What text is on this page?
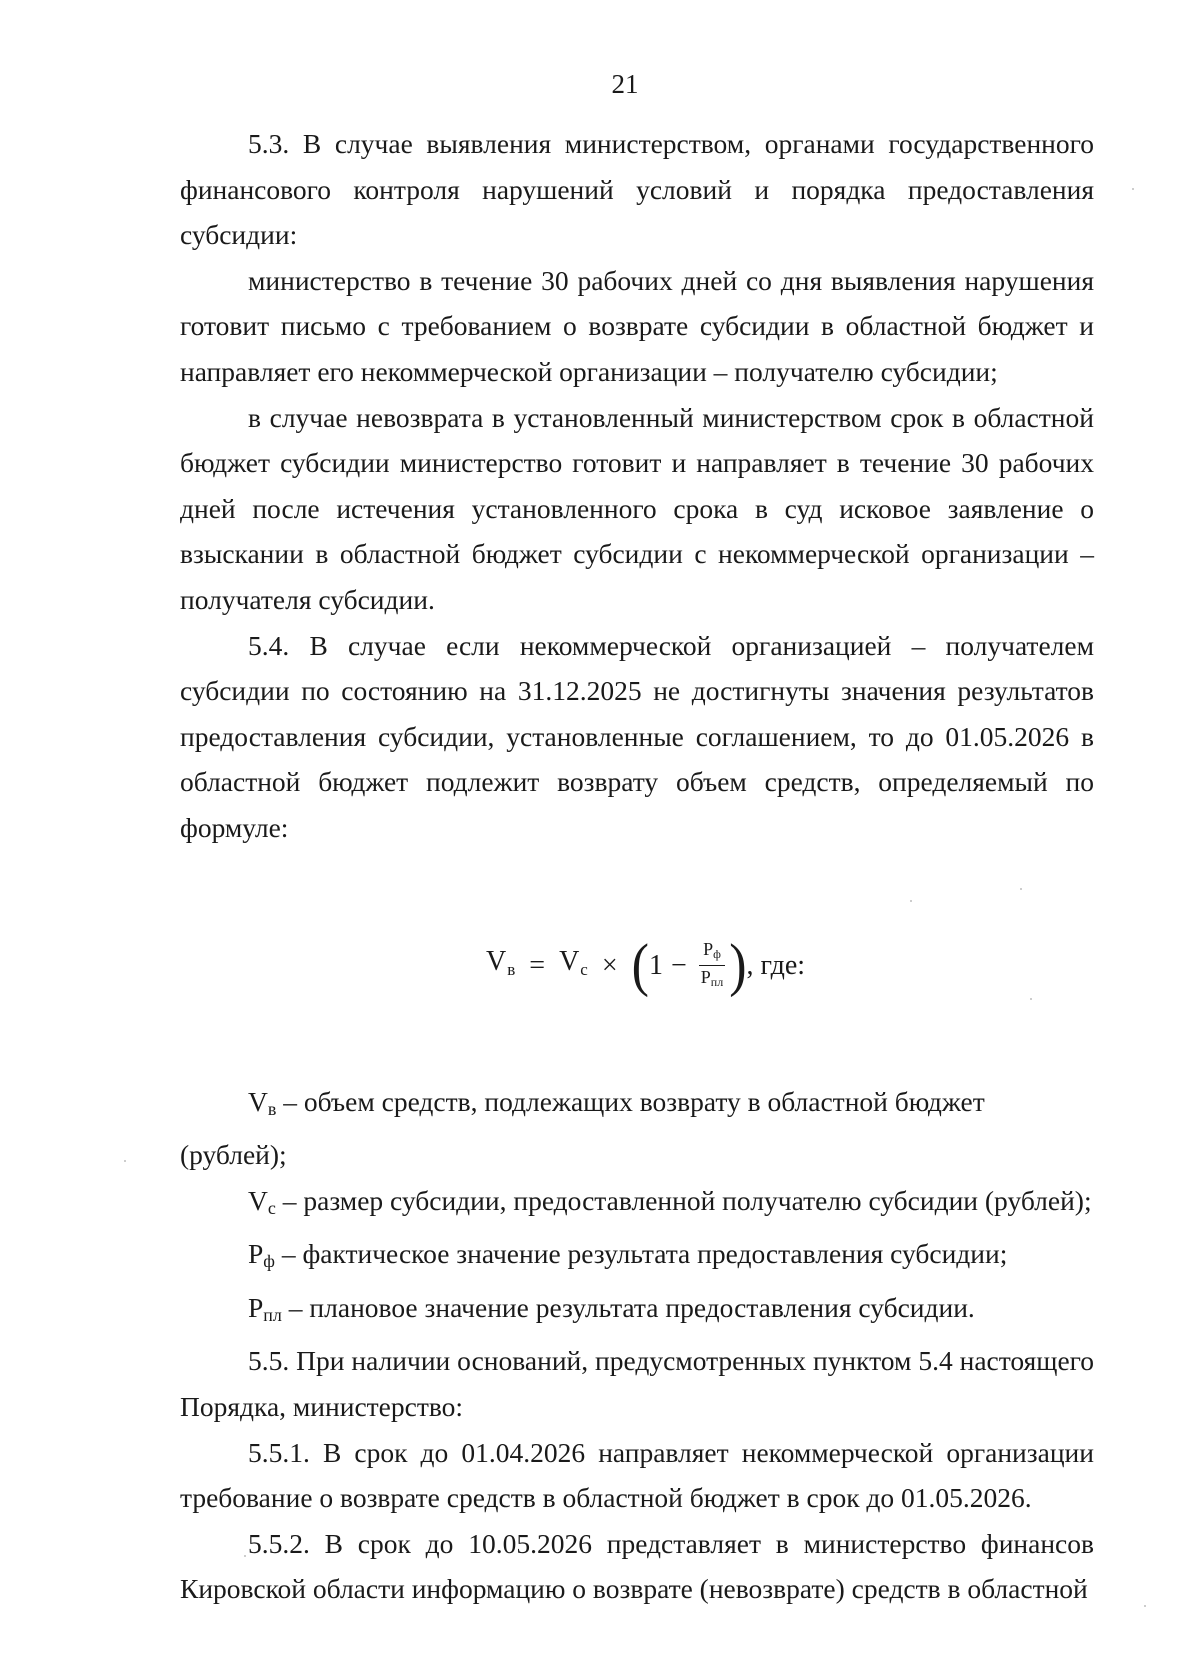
21

5.3. В случае выявления министерством, органами государственного финансового контроля нарушений условий и порядка предоставления субсидии:

министерство в течение 30 рабочих дней со дня выявления нарушения готовит письмо с требованием о возврате субсидии в областной бюджет и направляет его некоммерческой организации – получателю субсидии;

в случае невозврата в установленный министерством срок в областной бюджет субсидии министерство готовит и направляет в течение 30 рабочих дней после истечения установленного срока в суд исковое заявление о взыскании в областной бюджет субсидии с некоммерческой организации – получателя субсидии.

5.4. В случае если некоммерческой организацией – получателем субсидии по состоянию на 31.12.2025 не достигнуты значения результатов предоставления субсидии, установленные соглашением, то до 01.05.2026 в областной бюджет подлежит возврату объем средств, определяемый по формуле:

$V_в = V_с$ × ( $1 - \frac{Pф}{\text{Pпл}}$ ) , где:

Vв – объем средств, подлежащих возврату в областной бюджет (рублей);

Vс – размер субсидии, предоставленной получателю субсидии (рублей);

Pф – фактическое значение результата предоставления субсидии;

Pпл – плановое значение результата предоставления субсидии.

5.5. При наличии оснований, предусмотренных пунктом 5.4 настоящего Порядка, министерство:

5.5.1. В срок до 01.04.2026 направляет некоммерческой организации требование о возврате средств в областной бюджет в срок до 01.05.2026.

5.5.2. В срок до 10.05.2026 представляет в министерство финансов Кировской области информацию о возврате (невозврате) средств в областной
